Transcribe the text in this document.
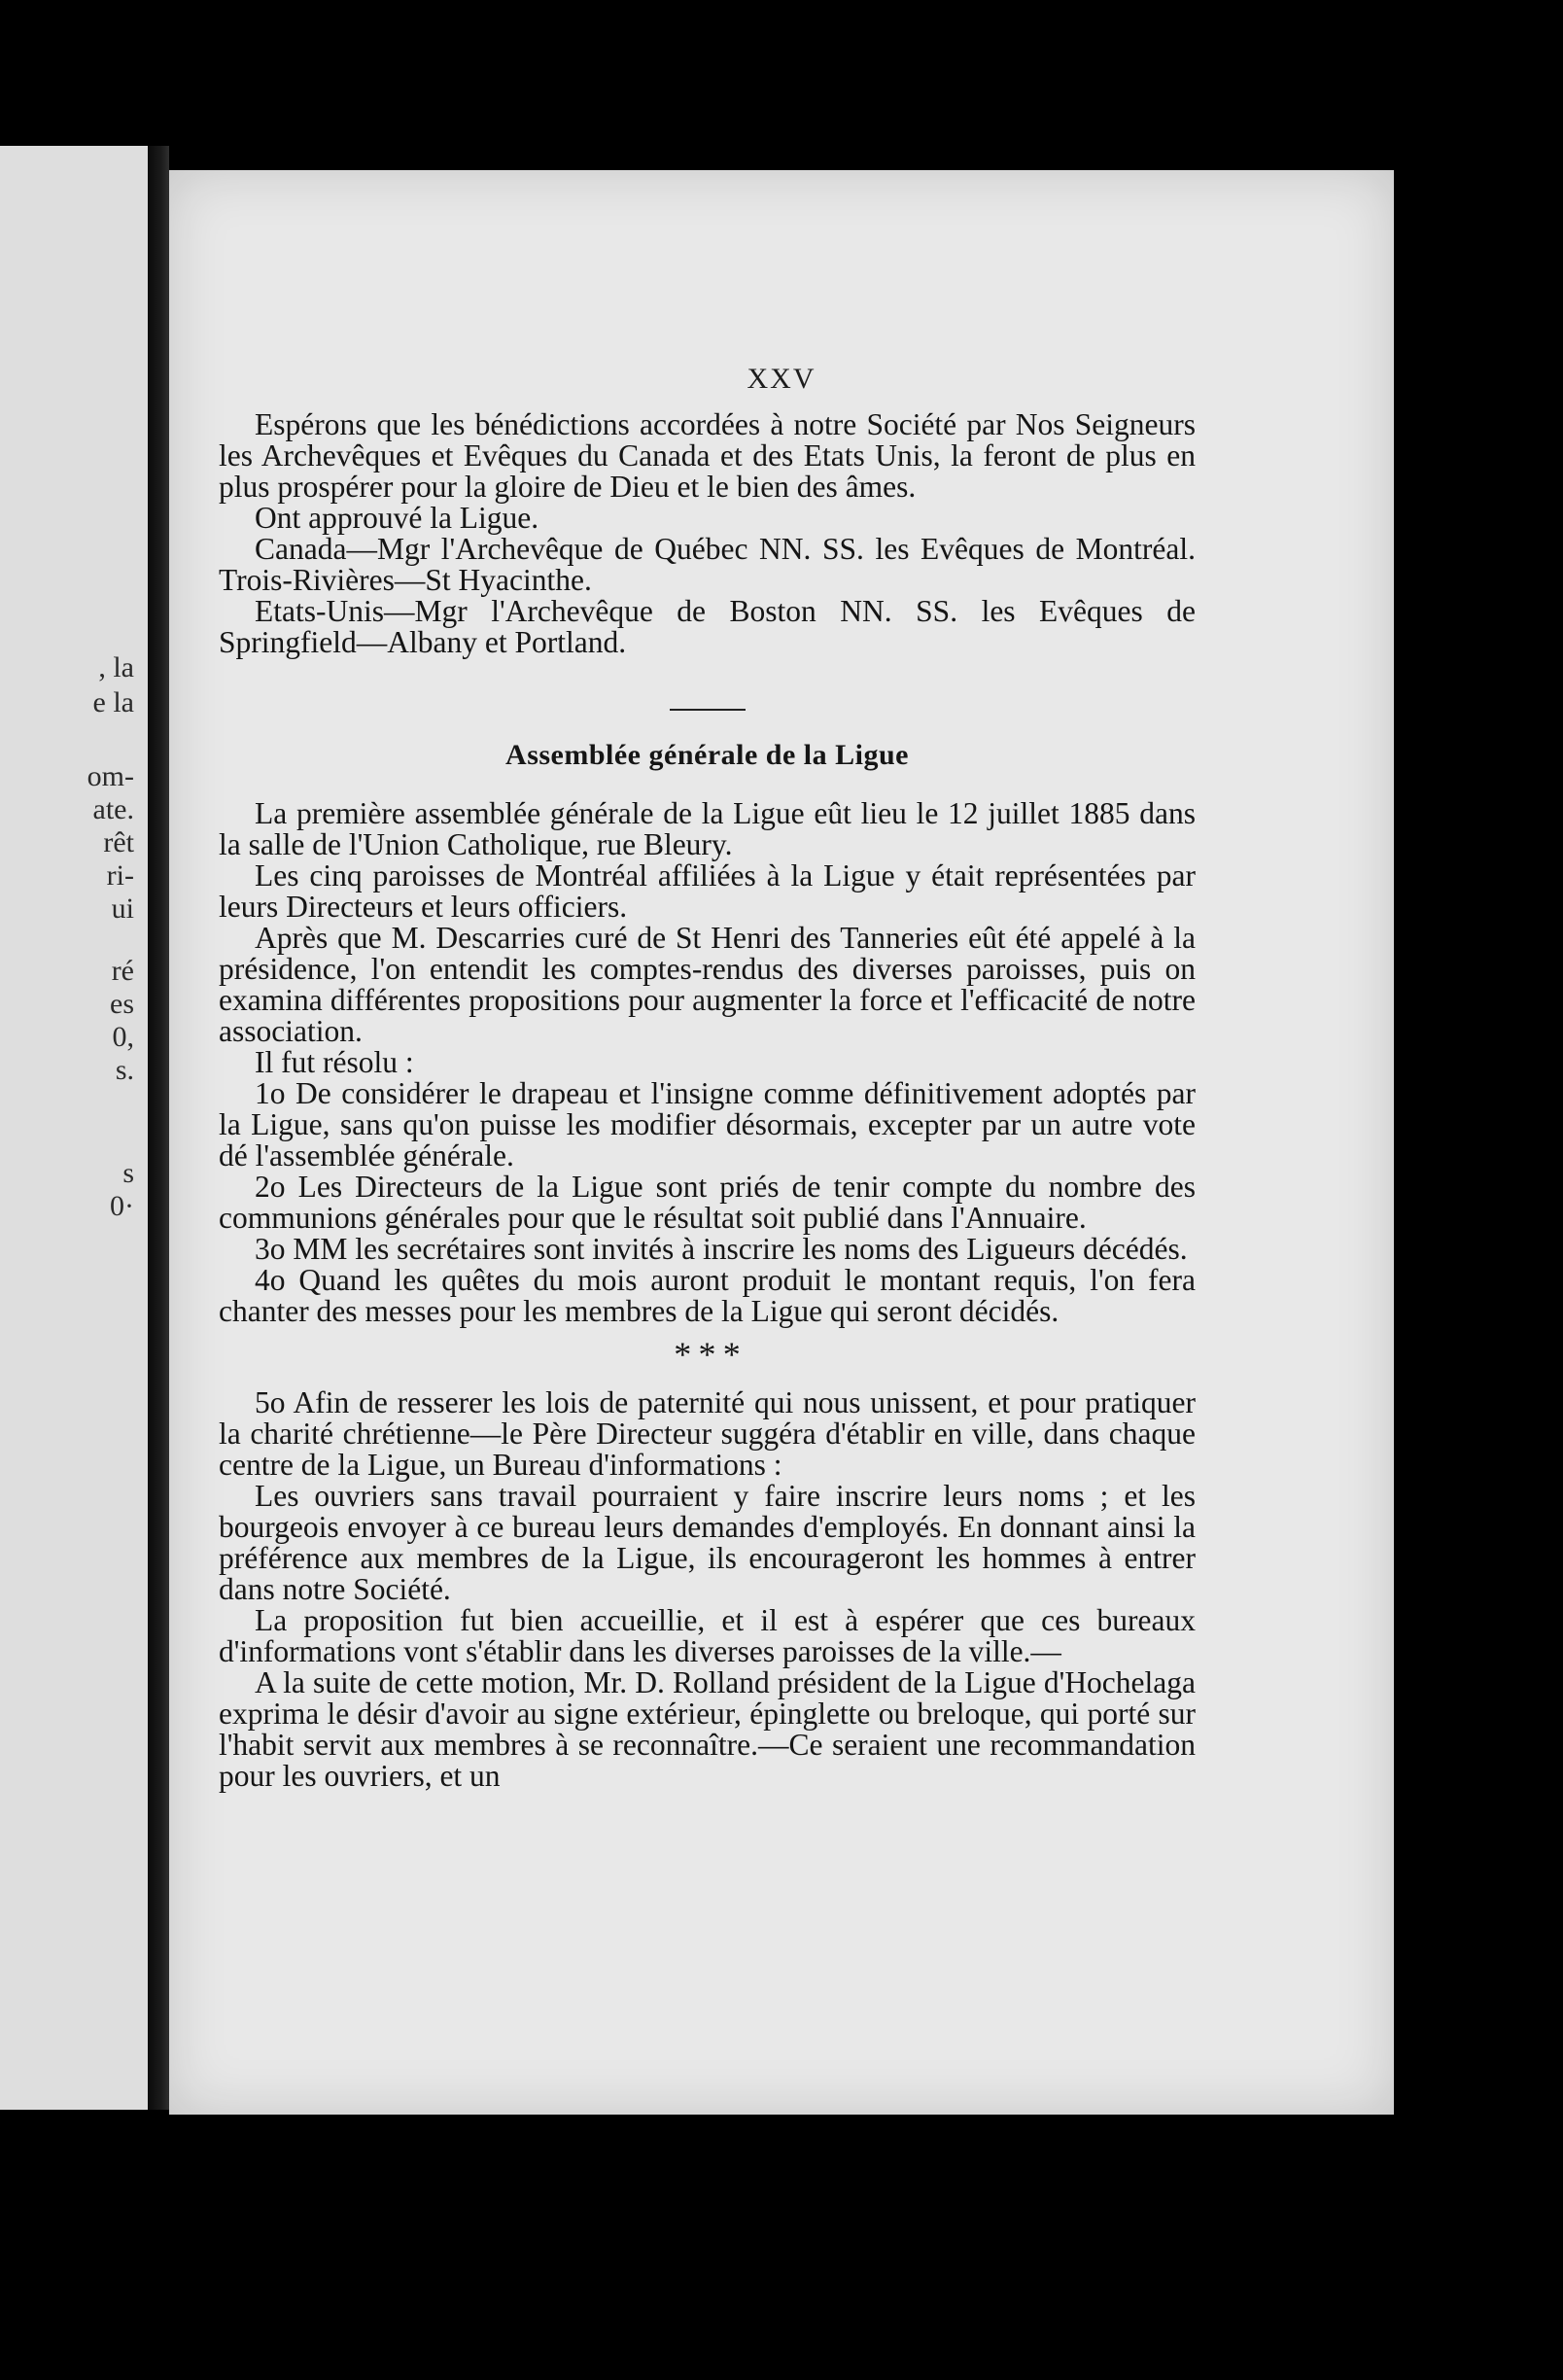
, la
e la
om-
ate.
rêt
ri-
ui
ré
es
0,
s.
s
0·
XXV

Espérons que les bénédictions accordées à notre Société par Nos Seigneurs les Archevêques et Evêques du Canada et des Etats Unis, la feront de plus en plus prospérer pour la gloire de Dieu et le bien des âmes.

Ont approuvé la Ligue.

Canada—Mgr l'Archevêque de Québec NN. SS. les Evêques de Montréal. Trois-Rivières—St Hyacinthe.

Etats-Unis—Mgr l'Archevêque de Boston NN. SS. les Evêques de Springfield—Albany et Portland.

Assemblée générale de la Ligue

La première assemblée générale de la Ligue eût lieu le 12 juillet 1885 dans la salle de l'Union Catholique, rue Bleury.

Les cinq paroisses de Montréal affiliées à la Ligue y était représentées par leurs Directeurs et leurs officiers.

Après que M. Descarries curé de St Henri des Tanneries eût été appelé à la présidence, l'on entendit les comptes-rendus des diverses paroisses, puis on examina différentes propositions pour augmenter la force et l'efficacité de notre association.

Il fut résolu :

1o De considérer le drapeau et l'insigne comme définitivement adoptés par la Ligue, sans qu'on puisse les modifier désormais, excepter par un autre vote dé l'assemblée générale.

2o Les Directeurs de la Ligue sont priés de tenir compte du nombre des communions générales pour que le résultat soit publié dans l'Annuaire.

3o MM les secrétaires sont invités à inscrire les noms des Ligueurs décédés.

4o Quand les quêtes du mois auront produit le montant requis, l'on fera chanter des messes pour les membres de la Ligue qui seront décidés.

* * *

5o Afin de resserer les lois de paternité qui nous unissent, et pour pratiquer la charité chrétienne—le Père Directeur suggéra d'établir en ville, dans chaque centre de la Ligue, un Bureau d'informations :

Les ouvriers sans travail pourraient y faire inscrire leurs noms ; et les bourgeois envoyer à ce bureau leurs demandes d'employés. En donnant ainsi la préférence aux membres de la Ligue, ils encourageront les hommes à entrer dans notre Société.

La proposition fut bien accueillie, et il est à espérer que ces bureaux d'informations vont s'établir dans les diverses paroisses de la ville.—

A la suite de cette motion, Mr. D. Rolland président de la Ligue d'Hochelaga exprima le désir d'avoir au signe extérieur, épinglette ou breloque, qui porté sur l'habit servit aux membres à se reconnaître.—Ce seraient une recommandation pour les ouvriers, et un
